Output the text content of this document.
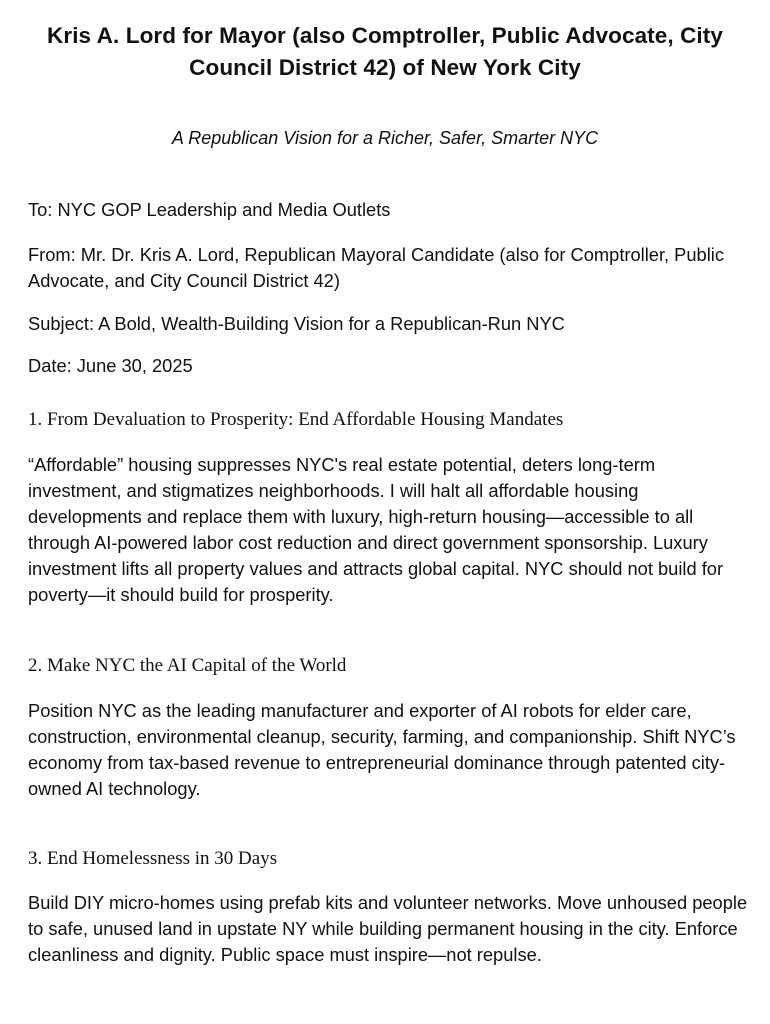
Kris A. Lord for Mayor (also Comptroller, Public Advocate, City Council District 42) of New York City

A Republican Vision for a Richer, Safer, Smarter NYC

To: NYC GOP Leadership and Media Outlets

From: Mr. Dr. Kris A. Lord, Republican Mayoral Candidate (also for Comptroller, Public Advocate, and City Council District 42)

Subject: A Bold, Wealth-Building Vision for a Republican-Run NYC

Date: June 30, 2025

1. From Devaluation to Prosperity: End Affordable Housing Mandates

“Affordable” housing suppresses NYC's real estate potential, deters long-term investment, and stigmatizes neighborhoods. I will halt all affordable housing developments and replace them with luxury, high-return housing—accessible to all through AI-powered labor cost reduction and direct government sponsorship. Luxury investment lifts all property values and attracts global capital. NYC should not build for poverty—it should build for prosperity.

2. Make NYC the AI Capital of the World

Position NYC as the leading manufacturer and exporter of AI robots for elder care, construction, environmental cleanup, security, farming, and companionship. Shift NYC’s economy from tax-based revenue to entrepreneurial dominance through patented city-owned AI technology.

3. End Homelessness in 30 Days

Build DIY micro-homes using prefab kits and volunteer networks. Move unhoused people to safe, unused land in upstate NY while building permanent housing in the city. Enforce cleanliness and dignity. Public space must inspire—not repulse.
